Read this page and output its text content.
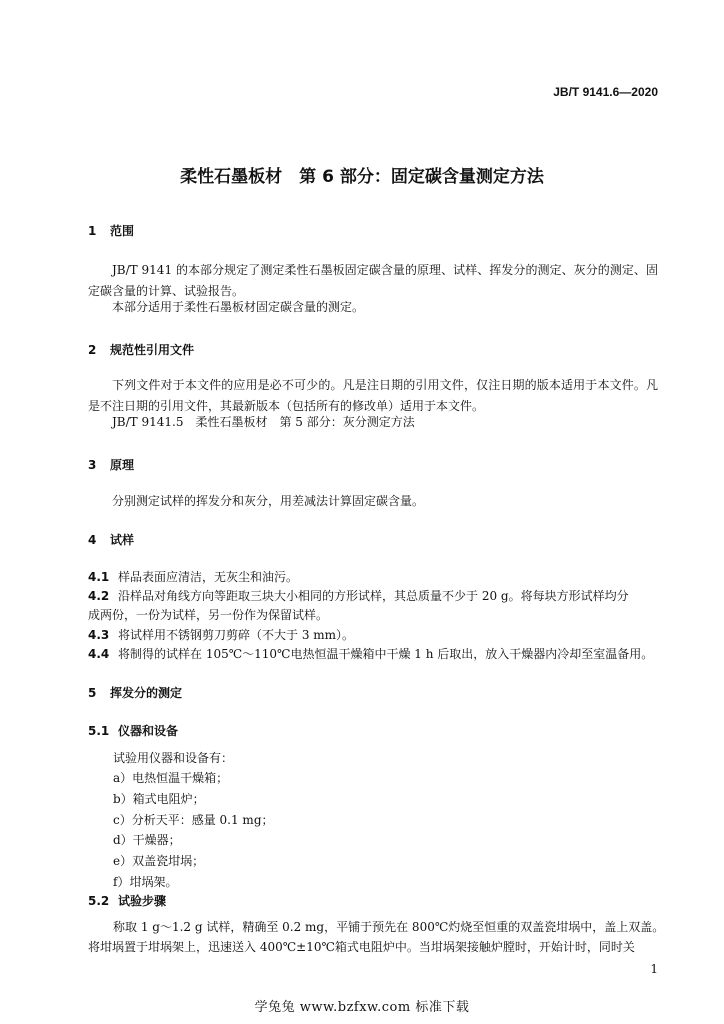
JB/T 9141.6—2020
柔性石墨板材　第 6 部分：固定碳含量测定方法
1 范围
JB/T 9141 的本部分规定了测定柔性石墨板固定碳含量的原理、试样、挥发分的测定、灰分的测定、固定碳含量的计算、试验报告。
本部分适用于柔性石墨板材固定碳含量的测定。
2 规范性引用文件
下列文件对于本文件的应用是必不可少的。凡是注日期的引用文件，仅注日期的版本适用于本文件。凡是不注日期的引用文件，其最新版本（包括所有的修改单）适用于本文件。
JB/T 9141.5　柔性石墨板材　第 5 部分：灰分测定方法
3 原理
分别测定试样的挥发分和灰分，用差减法计算固定碳含量。
4 试样
4.1 样品表面应清洁，无灰尘和油污。
4.2 沿样品对角线方向等距取三块大小相同的方形试样，其总质量不少于 20 g。将每块方形试样均分
成两份，一份为试样，另一份作为保留试样。
4.3 将试样用不锈钢剪刀剪碎（不大于 3 mm）。
4.4 将制得的试样在 105℃～110℃电热恒温干燥箱中干燥 1 h 后取出，放入干燥器内冷却至室温备用。
5 挥发分的测定
5.1 仪器和设备
试验用仪器和设备有：
a）电热恒温干燥箱；
b）箱式电阻炉；
c）分析天平：感量 0.1 mg；
d）干燥器；
e）双盖瓷坩埚；
f）坩埚架。
5.2 试验步骤
称取 1 g～1.2 g 试样，精确至 0.2 mg，平铺于预先在 800℃灼烧至恒重的双盖瓷坩埚中，盖上双盖。
将坩埚置于坩埚架上，迅速送入 400℃±10℃箱式电阻炉中。当坩埚架接触炉膛时，开始计时，同时关
1
学兔兔 www.bzfxw.com 标准下载
